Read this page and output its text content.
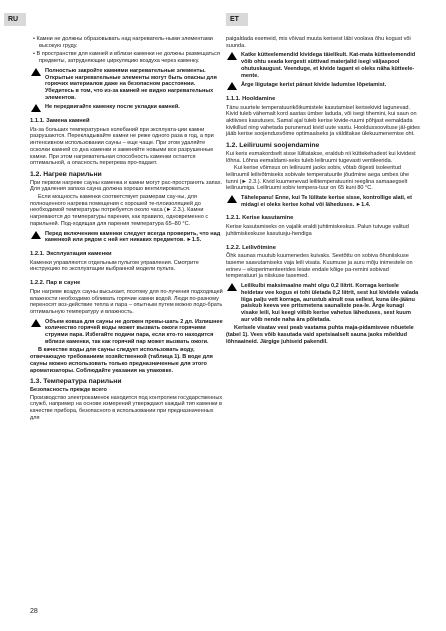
RU	ET

• Камни не должны образовывать над нагреватель-ными элементами высокую груду.

• В пространстве для камней и вблизи каменки не должны размещаться предметы, затрудняющие циркуляцию воздуха через каменку.

Полностью закройте камнями нагревательные элементы. Открытые нагревательные элементы могут быть опасны для горючих материалов даже на безопасном расстоянии. Убедитесь в том, что из-за камней не видно нагревательных элементов.
Не передвигайте каменку после укладки камней.

1.1.1. Замена камней

Из-за больших температурных колебаний при эксплуата-ции камни разрушаются. Перекладывайте камни не реже одного раза в год, а при интенсивном использовании сауны – еще чаще. При этом удаляйте осколки камней со дна каменки и заменяйте новыми все разрушенные камни. При этом нагревательная способность каменки остается оптимальной, а опасность перегрева про-падает.

1.2. Нагрев парильни

При первом нагреве сауны каменка и камни могут рас-пространять запах. Для удаления запаха сауна должна хорошо вентилироваться.

Если мощность каменки соответствует размерам сау-ны, для полноценного нагрева помещения с хорошей те-плоизоляцией до необходимой температуры потребуется около часа (► 2.3.). Камни нагреваются до температуры парения, как правило, одновременно с парильней. Под-ходящая для парения температура 65–80 °C.

Перед включением каменки следует всегда проверить, что над каменкой или рядом с ней нет никаких предметов. ►1.5.

1.2.1. Эксплуатация каменки

Каменки управляются отдельным пультом управления. Смотрите инструкцию по эксплуатации выбранной модели пульта.

1.2.2. Пар в сауне

При нагреве воздух сауны высыхает, поэтому для по-лучения подходящей влажности необходимо обливать горячие камни водой. Люди по-разному переносят воз-действие тепла и пара – опытным путем можно подо-брать оптимальную температуру и влажность.

Объем ковша для сауны не должен превы-шать 2 дл. Излишнее количество горячей воды может вызвать ожоги горячими струями пара. Избегайте подачи пара, если кто-то находится вблизи каменки, так как горячий пар может вызвать ожоги.

В качестве воды для сауны следует использовать воду, отвечающую требованиям хозяйственной (таблица 1). В воде для сауны можно использовать только предназначенные для этого ароматизаторы. Соблюдайте указания на упаковке.

1.3. Температура парильни

Безопасность прежде всего

Производство электрокаменок находится под контролем государственных служб, например на основе измерений утверждают каждый тип каменки в качестве прибора, безопасного в использовании при предназначенных для

paigaldada esemeid, mis võivad muuta kerisest läbi voolava õhu kogust või suunda.

Katke kütteelemendid kividega täielikult. Kat-mata küttеelemendid võib ohtu seada kergesti süttivad materjalid isegi väljaspool ohutuskaugust. Veenduge, et kivide tagant ei oleks näha küttееle-mente.
Ärge liigutage kerist pärast kivide ladumise lõpetamist.

1.1.1. Hooldamine

Tänu suurtele temperatuurikõikumistele kasutamisel kerisekivid lagunevad. Kivid tuleb vähemalt kord aastas ümber laduda, või isegi tihemini, kui saun on aktiivses kasutuses. Samal ajal tuleb kerise kivide-ruumi põhjast eemaldada kivikillud ning vahetada purunenud kivid uute vastu. Hooldussoovituse jäl-gides jääb kerise soojendusvõime optimaalseks ja välditakse ülekuumenemise oht.

1.2. Leiliruumi soojendamine

Kui keris esmakordselt sisse lülitatakse, eraldub nii küttekehadest kui kividest lõhna. Lõhna eemaldami-seks tuleb leiliruumi tugevasti ventileerida.

Kui kerise võimsus on leiliruumi jaoks sobiv, võtab õigesti isoleeritud leiliruumil leilivõtmiseks sobivale temperatuurile jõudmine aega umbes ühe tunni (► 2.3.). Kivid kuumenevad leilitemperatuurini reeglina samaaegselt leiliruumiga. Leiliruumi sobiv tempera-tuur on 65 kuni 80 °C.

Tähelepanu! Enne, kui Te lülitate kerise sisse, kontrollige alati, et midagi ei oleks kerise kohal või läheduses. ►1.4.

1.2.1. Kerise kasutamine

Kerise kasutamiseks on vajalik eraldi juhtimiskeskus. Palun tutvuge valitud juhtimiskeskuse kasutusju-hendiga

1.2.2. Leilivõtmine

Õhk saunas muutub kuumenedes kuivaks. Seetõttu on sobiva õhuniiskuse taseme saavutamiseks vaja leili visata. Kuumuse ja auru mõju inimestele on erinev – eksperimenteerides leiate endale kõige pa-remini sobivad temperatuuri ja niiskuse tasemed.

Leilikulbi maksimaalne maht olgu 0,2 liitrit. Korraga kerisele heidetav vee kogus ei tohi ületada 0,2 liitrit, sest kui kividele valada liiga palju vett korraga, aurustub ainult osa sellest, kuna üle-jäänu paiskub keeva vee pritsmetena saunaliste pea-le. Ärge kunagi visake leili, kui keegi viibib kerise vahetus läheduses, sest kuum aur võib nende naha ära põletada.

Kerisele visatav vesi peab vastama puhta maja-pidamisvee nõuetele (tabel 1). Vees võib kasutada vaid spetsiaalselt sauna jaoks mõeldud lõhnaaineid. Järgige juhiseid pakendil.

28
